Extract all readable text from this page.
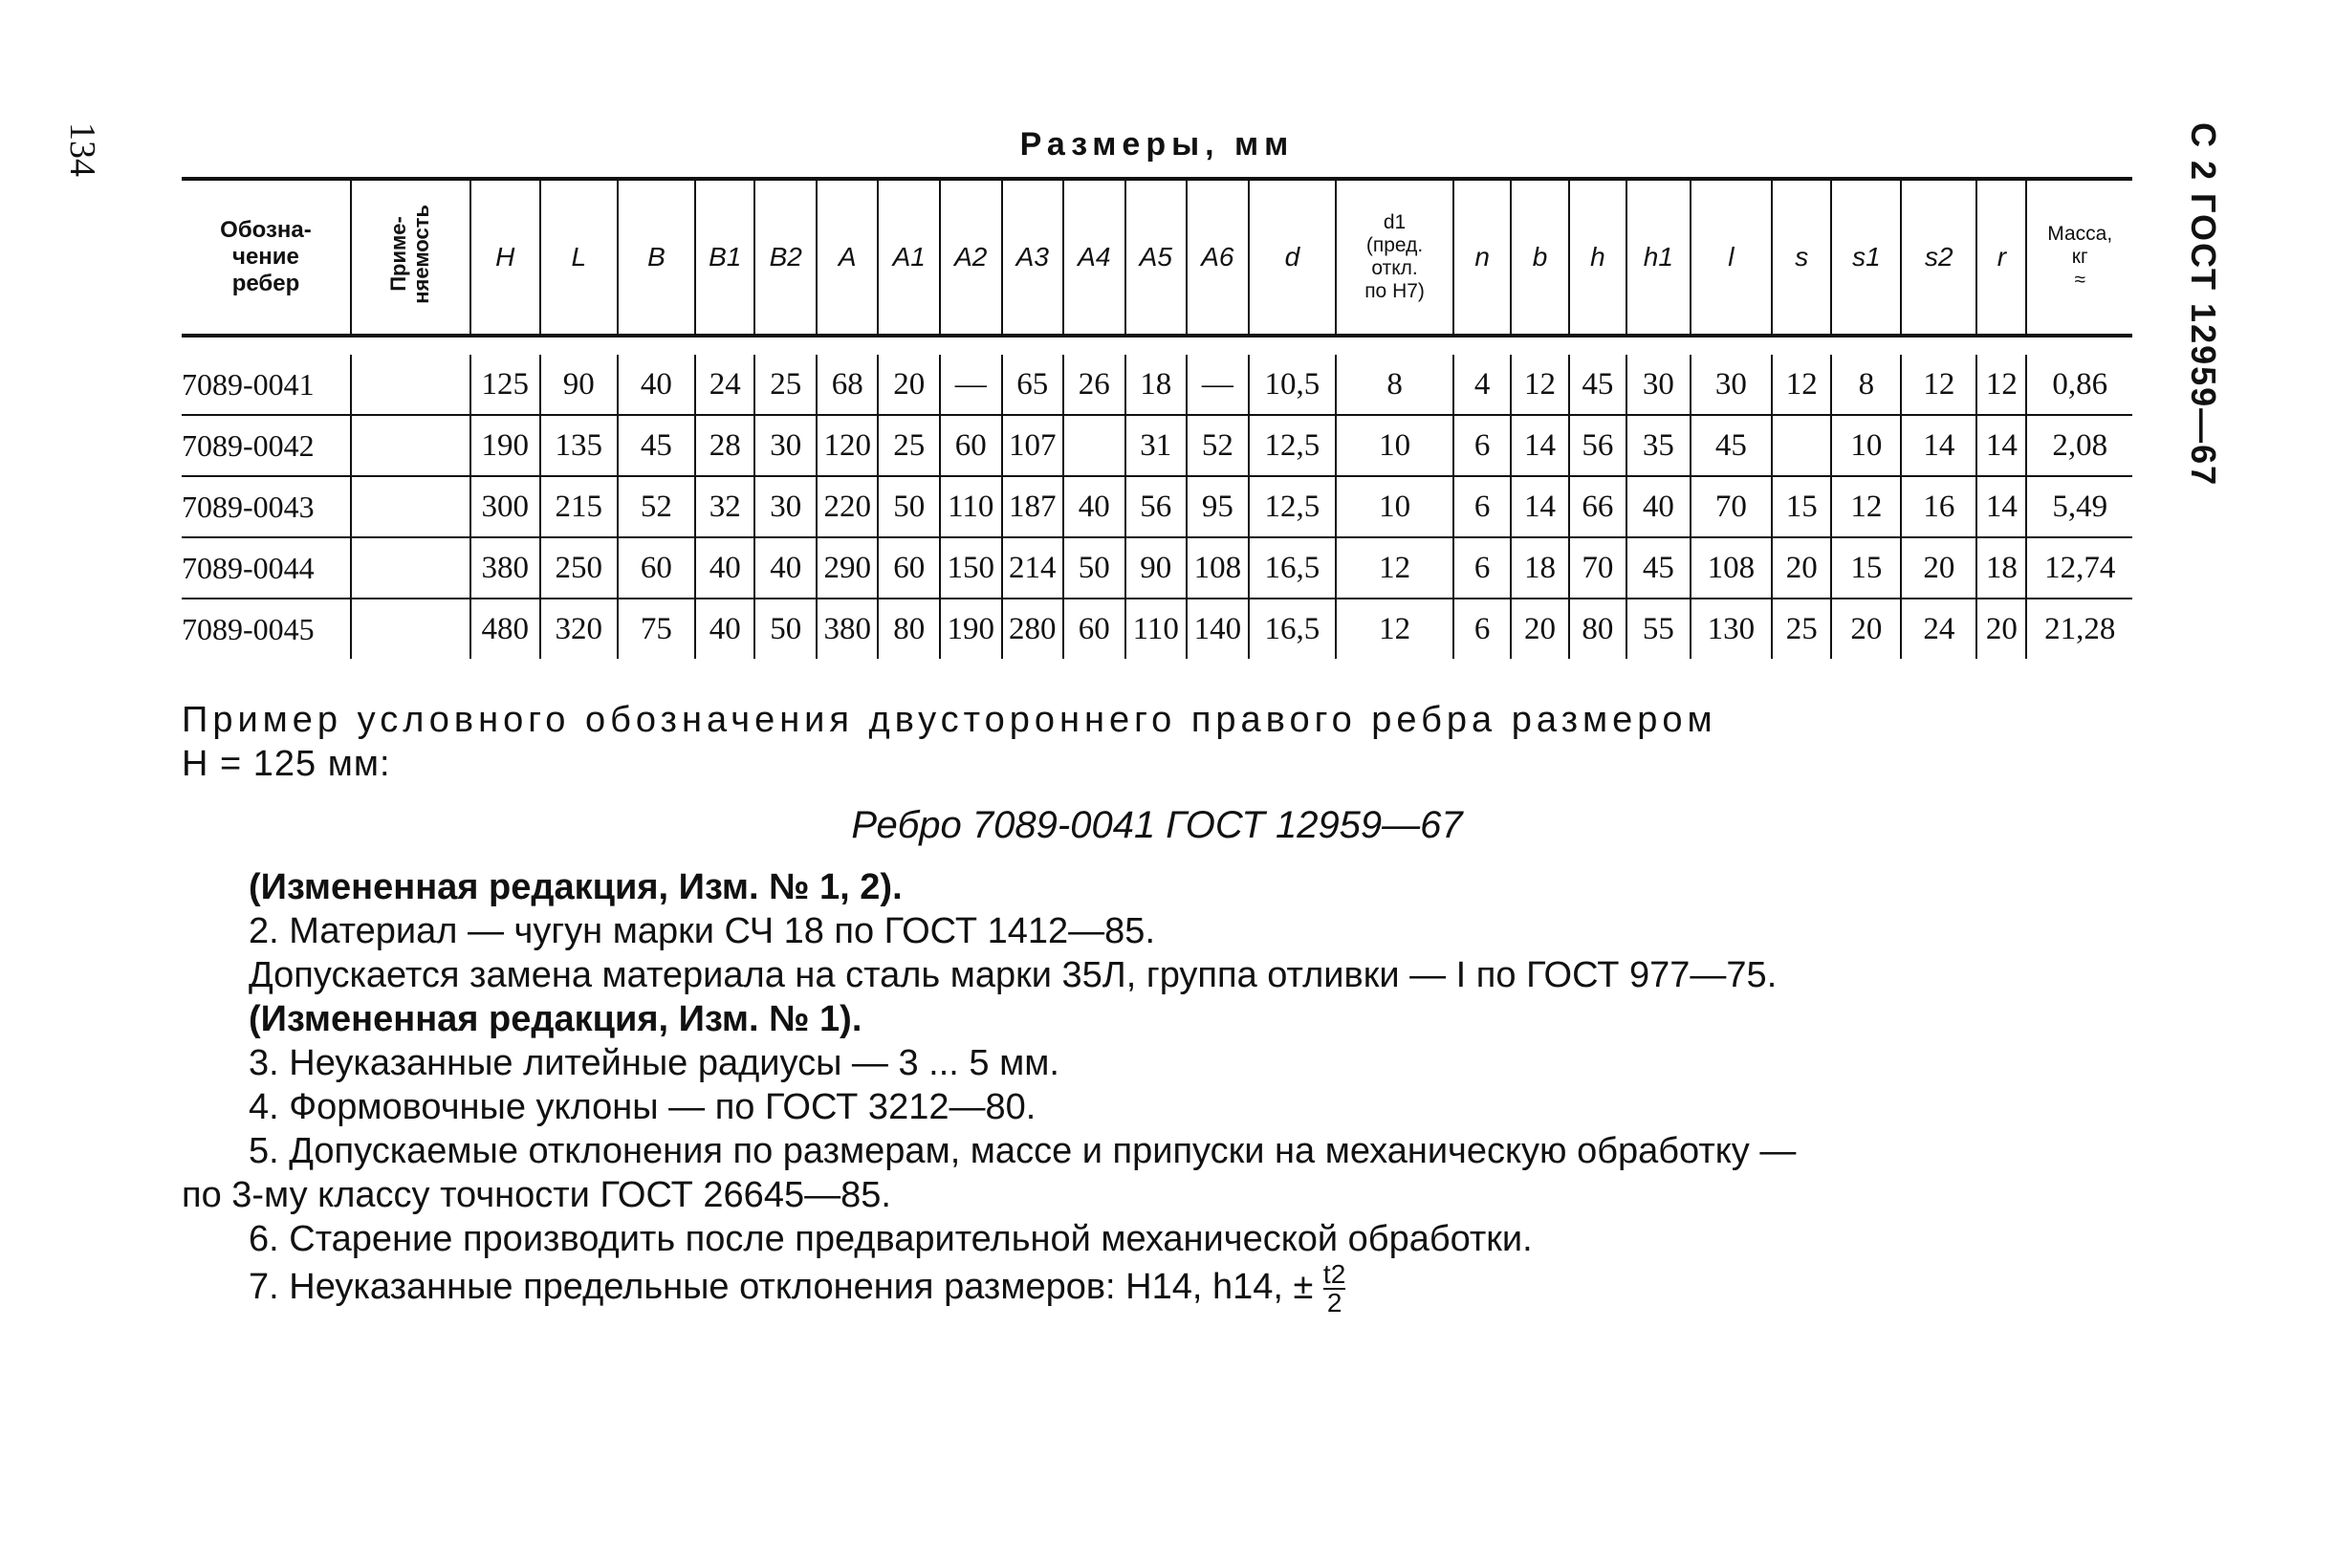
134	С 2 ГОСТ 12959—67
Размеры, мм
Обозна-
чение
ребер	Приме-
няемость	H	L	B	B1	B2	A	A1	A2	A3	A4	A5	A6	d	d1
(пред.
откл.
по Н7)	n	b	h	h1	l	s	s1	s2	r	Масса,
кг
≈

7089-0041		125	90	40	24	25	68	20	—	65	26	18	—	10,5	8	4	12	45	30	30	12	8	12	12	0,86
7089-0042		190	135	45	28	30	120	25	60	107		31	52	12,5	10	6	14	56	35	45		10	14	14	2,08
7089-0043		300	215	52	32	30	220	50	110	187	40	56	95	12,5	10	6	14	66	40	70	15	12	16	14	5,49
7089-0044		380	250	60	40	40	290	60	150	214	50	90	108	16,5	12	6	18	70	45	108	20	15	20	18	12,74
7089-0045		480	320	75	40	50	380	80	190	280	60	110	140	16,5	12	6	20	80	55	130	25	20	24	20	21,28

Пример условного обозначения двустороннего правого ребра размером

H = 125 мм:

Ребро 7089-0041 ГОСТ 12959—67

(Измененная редакция, Изм. № 1, 2).

2. Материал — чугун марки СЧ 18 по ГОСТ 1412—85.

Допускается замена материала на сталь марки 35Л, группа отливки — I по ГОСТ 977—75.

(Измененная редакция, Изм. № 1).

3. Неуказанные литейные радиусы — 3 ... 5 мм.

4. Формовочные уклоны — по ГОСТ 3212—80.

5. Допускаемые отклонения по размерам, массе и припуски на механическую обработку —

по 3-му классу точности ГОСТ 26645—85.

6. Старение производить после предварительной механической обработки.

7. Неуказанные предельные отклонения размеров: H14, h14, ± $\frac{t2}{2}$
